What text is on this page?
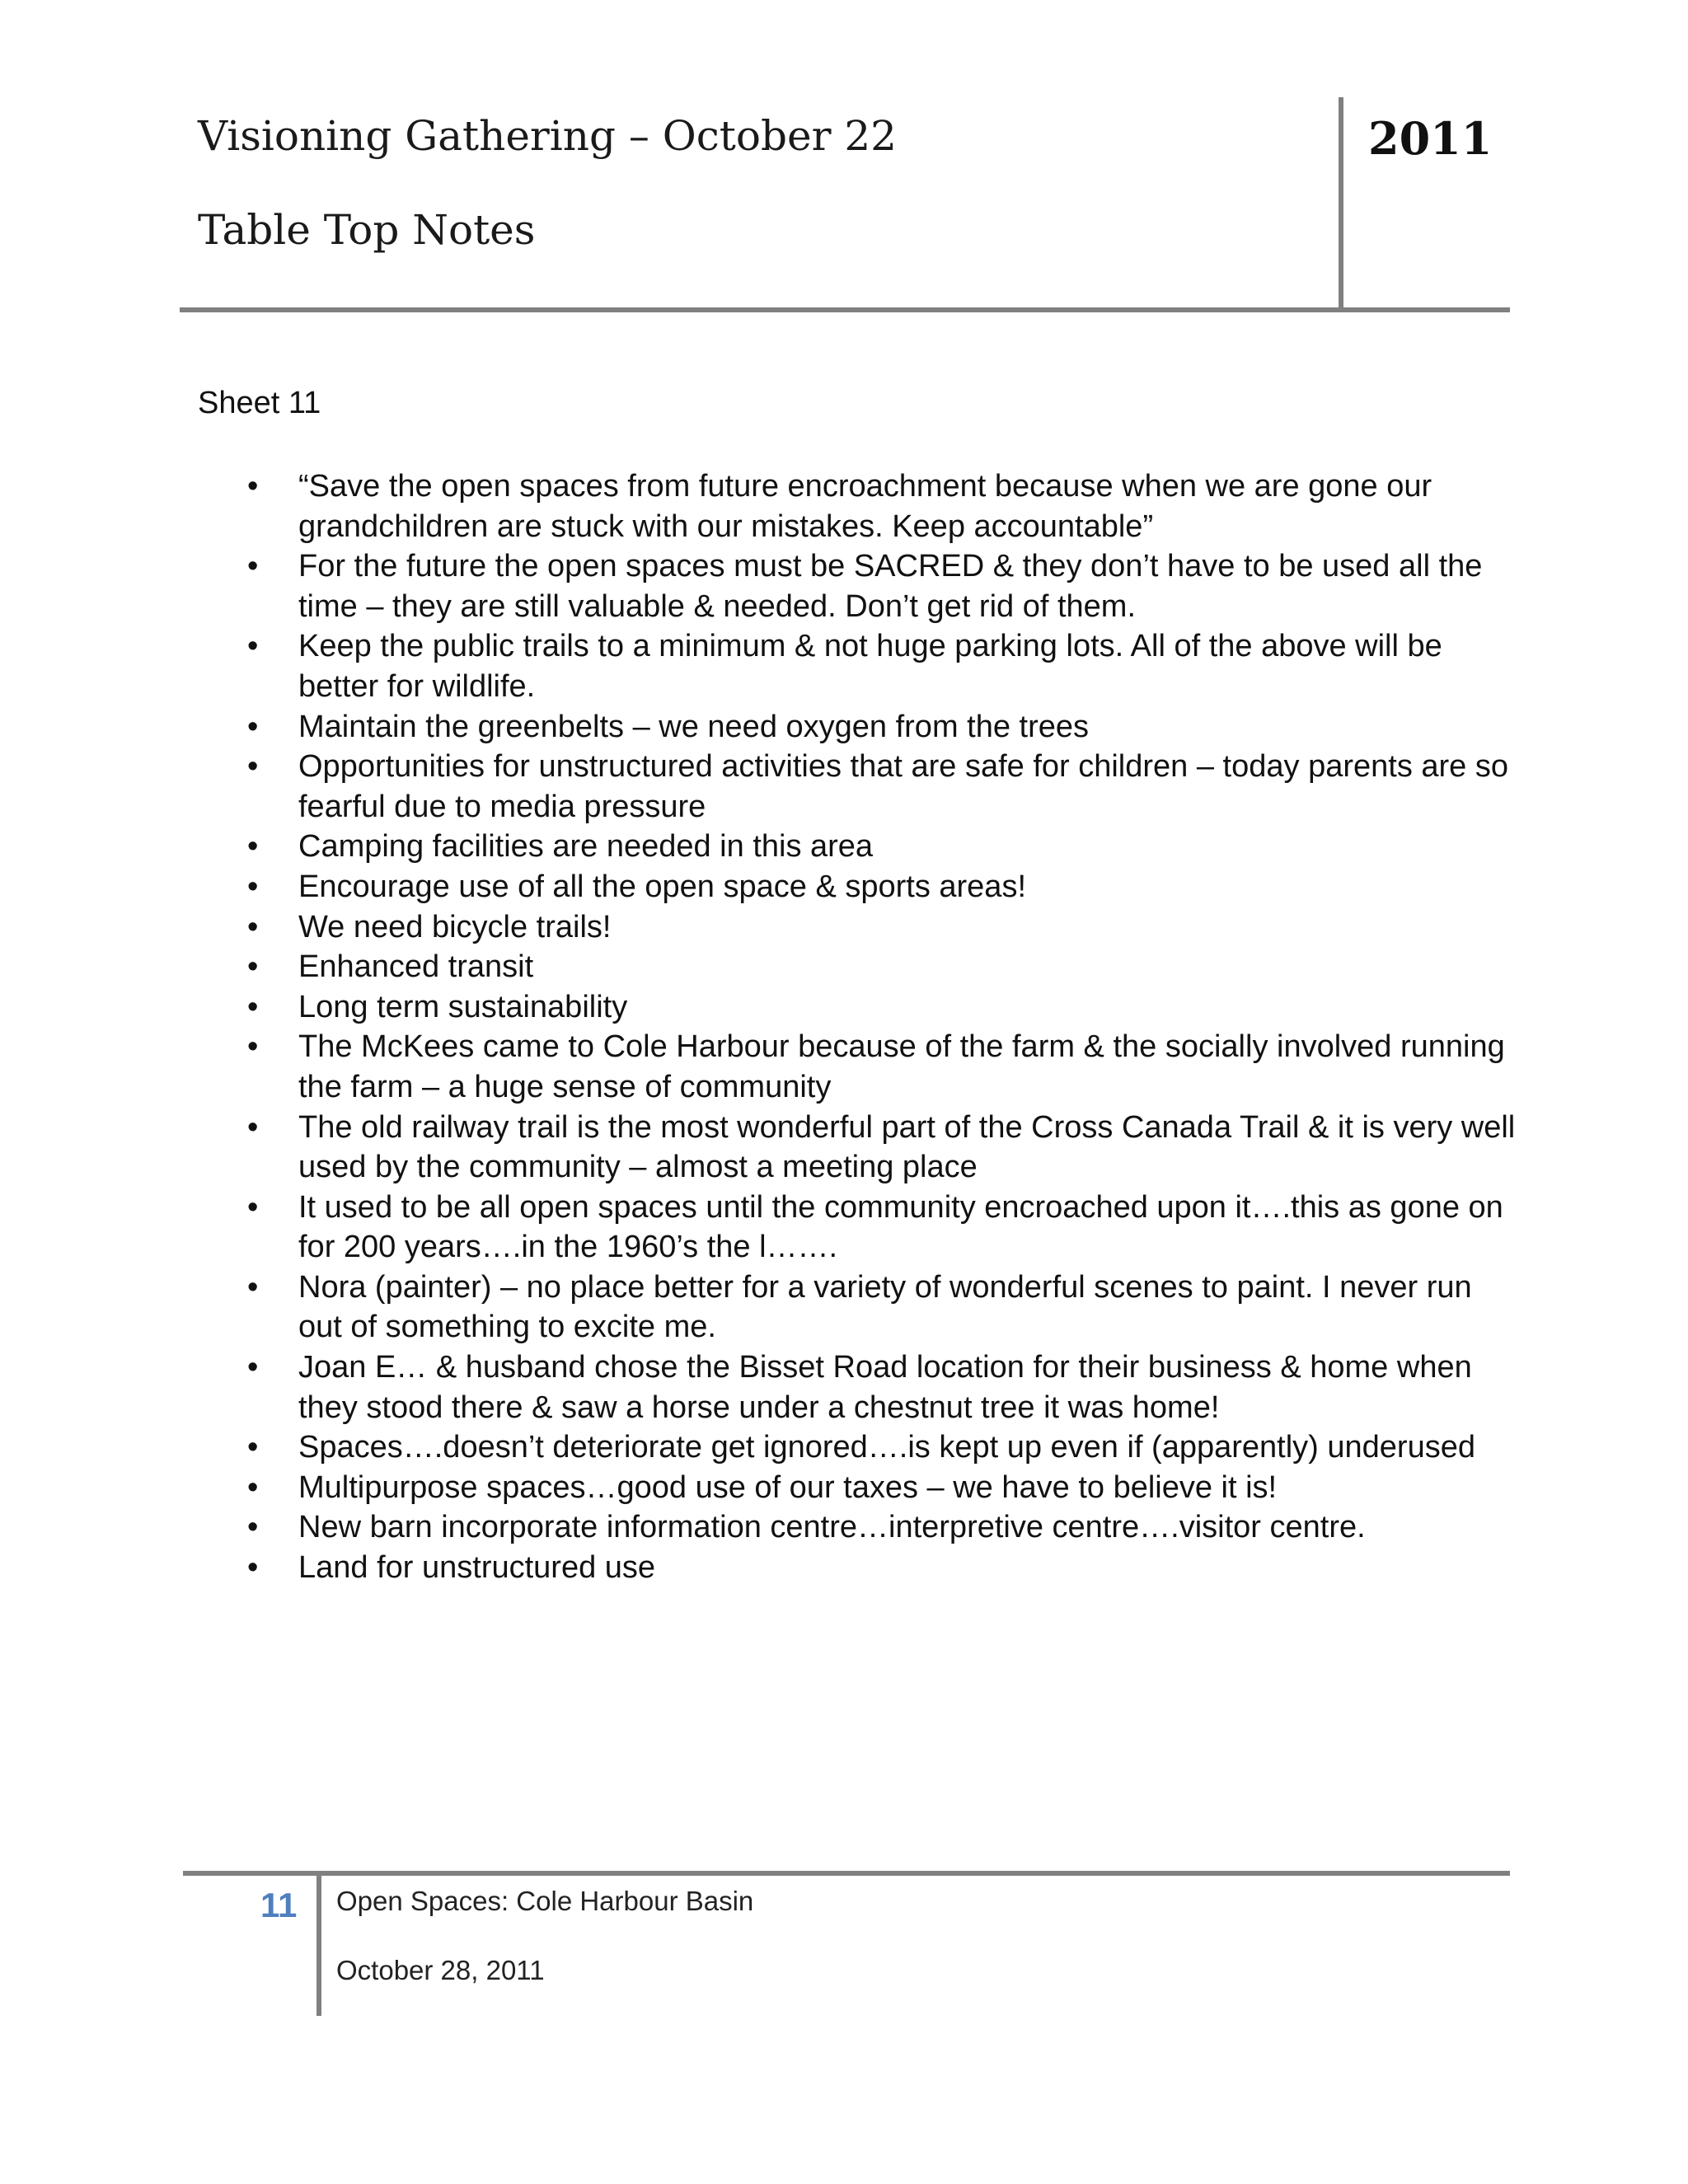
Visioning Gathering – October 22
Table Top Notes
2011
Sheet 11
• “Save the open spaces from future encroachment because when we are gone our grandchildren are stuck with our mistakes. Keep accountable”
• For the future the open spaces must be SACRED & they don’t have to be used all the time – they are still valuable & needed. Don’t get rid of them.
• Keep the public trails to a minimum & not huge parking lots. All of the above will be better for wildlife.
• Maintain the greenbelts – we need oxygen from the trees
• Opportunities for unstructured activities that are safe for children – today parents are so fearful due to media pressure
• Camping facilities are needed in this area
• Encourage use of all the open space & sports areas!
• We need bicycle trails!
• Enhanced transit
• Long term sustainability
• The McKees came to Cole Harbour because of the farm & the socially involved running the farm – a huge sense of community
• The old railway trail is the most wonderful part of the Cross Canada Trail & it is very well used by the community – almost a meeting place
• It used to be all open spaces until the community encroached upon it….this as gone on for 200 years….in the 1960’s the l…….
• Nora (painter) – no place better for a variety of wonderful scenes to paint. I never run out of something to excite me.
• Joan E… & husband chose the Bisset Road location for their business & home when they stood there & saw a horse under a chestnut tree it was home!
• Spaces….doesn’t deteriorate get ignored….is kept up even if (apparently) underused
• Multipurpose spaces…good use of our taxes – we have to believe it is!
• New barn incorporate information centre…interpretive centre….visitor centre.
• Land for unstructured use
11 Open Spaces: Cole Harbour Basin
October 28, 2011
